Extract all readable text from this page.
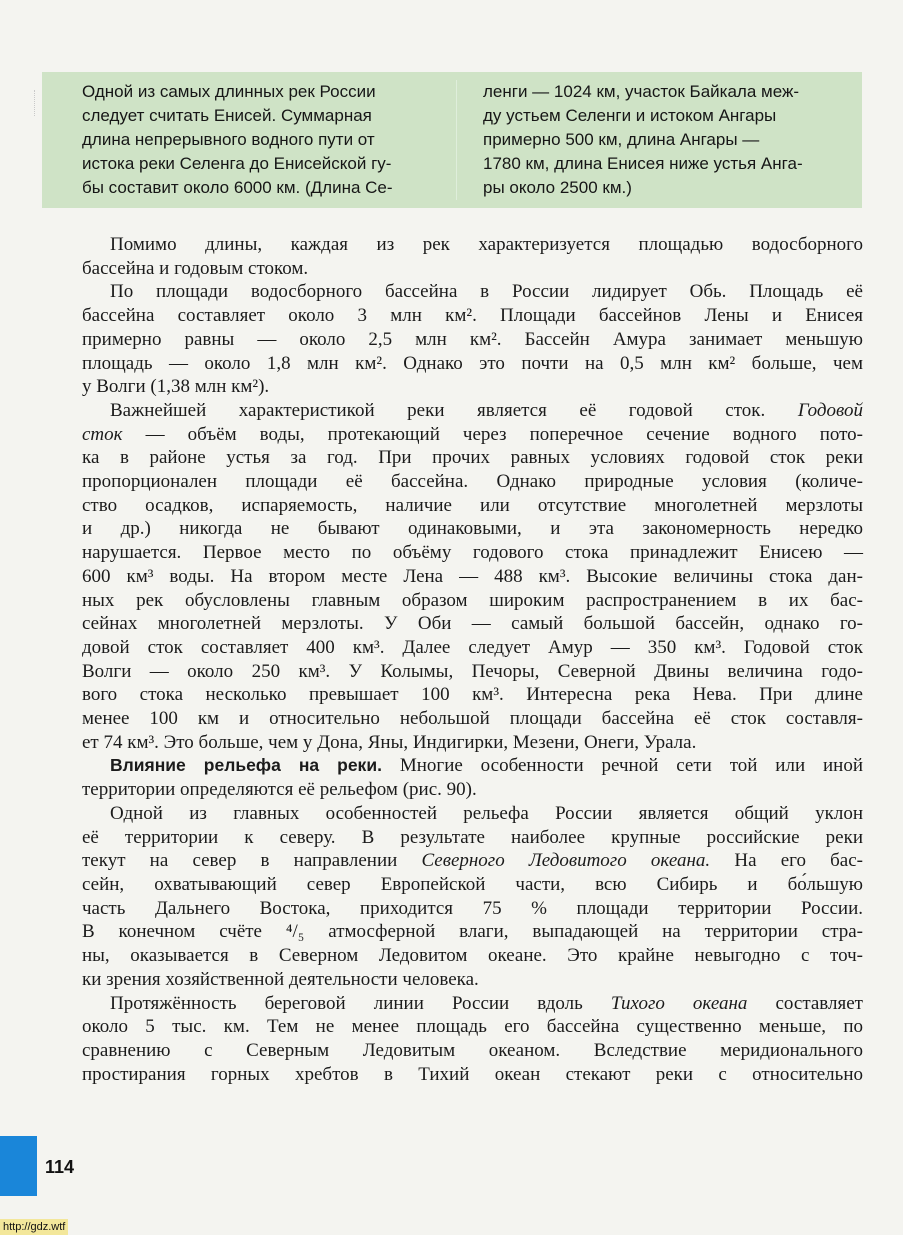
Одной из самых длинных рек России
следует считать Енисей. Суммарная
длина непрерывного водного пути от
истока реки Селенга до Енисейской гу-
бы составит около 6000 км. (Длина Се-
ленги — 1024 км, участок Байкала меж-
ду устьем Селенги и истоком Ангары
примерно 500 км, длина Ангары —
1780 км, длина Енисея ниже устья Анга-
ры около 2500 км.)
Помимо длины, каждая из рек характеризуется площадью водосборного
бассейна и годовым стоком.
По площади водосборного бассейна в России лидирует Обь. Площадь её
бассейна составляет около 3 млн км². Площади бассейнов Лены и Енисея
примерно равны — около 2,5 млн км². Бассейн Амура занимает меньшую
площадь — около 1,8 млн км². Однако это почти на 0,5 млн км² больше, чем
у Волги (1,38 млн км²).
Важнейшей характеристикой реки является её годовой сток. Годовой
сток — объём воды, протекающий через поперечное сечение водного пото-
ка в районе устья за год. При прочих равных условиях годовой сток реки
пропорционален площади её бассейна. Однако природные условия (количе-
ство осадков, испаряемость, наличие или отсутствие многолетней мерзлоты
и др.) никогда не бывают одинаковыми, и эта закономерность нередко
нарушается. Первое место по объёму годового стока принадлежит Енисею —
600 км³ воды. На втором месте Лена — 488 км³. Высокие величины стока дан-
ных рек обусловлены главным образом широким распространением в их бас-
сейнах многолетней мерзлоты. У Оби — самый большой бассейн, однако го-
довой сток составляет 400 км³. Далее следует Амур — 350 км³. Годовой сток
Волги — около 250 км³. У Колымы, Печоры, Северной Двины величина годо-
вого стока несколько превышает 100 км³. Интересна река Нева. При длине
менее 100 км и относительно небольшой площади бассейна её сток составля-
ет 74 км³. Это больше, чем у Дона, Яны, Индигирки, Мезени, Онеги, Урала.
Влияние рельефа на реки. Многие особенности речной сети той или иной
территории определяются её рельефом (рис. 90).
Одной из главных особенностей рельефа России является общий уклон
её территории к северу. В результате наиболее крупные российские реки
текут на север в направлении Северного Ледовитого океана. На его бас-
сейн, охватывающий север Европейской части, всю Сибирь и бо́льшую
часть Дальнего Востока, приходится 75 % площади территории России.
В конечном счёте ⁴/₅ атмосферной влаги, выпадающей на территории стра-
ны, оказывается в Северном Ледовитом океане. Это крайне невыгодно с точ-
ки зрения хозяйственной деятельности человека.
Протяжённость береговой линии России вдоль Тихого океана составляет
около 5 тыс. км. Тем не менее площадь его бассейна существенно меньше, по
сравнению с Северным Ледовитым океаном. Вследствие меридионального
простирания горных хребтов в Тихий океан стекают реки с относительно
114
http://gdz.wtf
